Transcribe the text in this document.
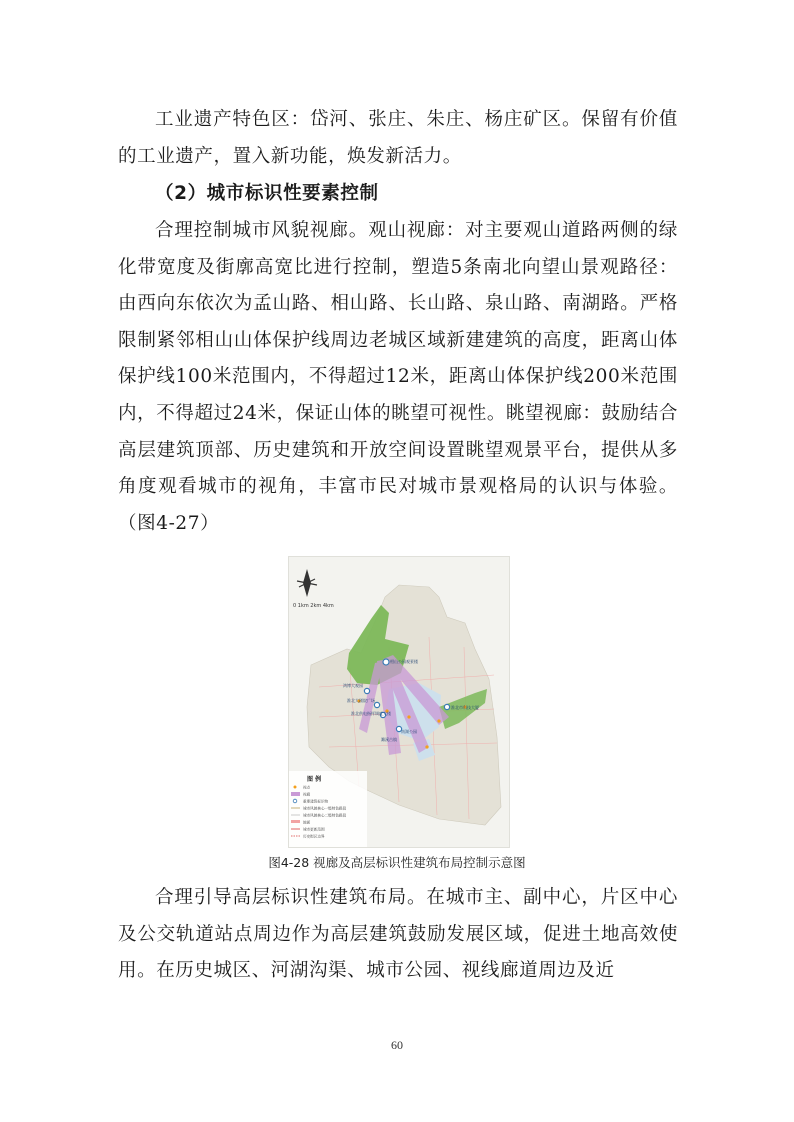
工业遗产特色区：岱河、张庄、朱庄、杨庄矿区。保留有价值的工业遗产，置入新功能，焕发新活力。

（2）城市标识性要素控制

合理控制城市风貌视廊。观山视廊：对主要观山道路两侧的绿化带宽度及街廓高宽比进行控制，塑造5条南北向望山景观路径：由西向东依次为孟山路、相山路、长山路、泉山路、南湖路。严格限制紧邻相山山体保护线周边老城区域新建建筑的高度，距离山体保护线100米范围内，不得超过12米，距离山体保护线200米范围内，不得超过24米，保证山体的眺望可视性。眺望视廊：鼓励结合高层建筑顶部、历史建筑和开放空间设置眺望观景平台，提供从多角度观看城市的视角，丰富市民对城市景观格局的认识与体验。（图4-27）

0 1km 2km 4km
相山公园观景楼
鸿博大观园
淮北大剧院广场
淮北供电指挥调度大楼
南湖公园
濉溪古镇
淮北市科技大厦
图 例
视点
视廊
重要建筑标识物
城市风貌核心一级特色路段
城市风貌核心二级特色路段
地面
城市更新范围
历史街区边界
图4-28 视廊及高层标识性建筑布局控制示意图

合理引导高层标识性建筑布局。在城市主、副中心，片区中心及公交轨道站点周边作为高层建筑鼓励发展区域，促进土地高效使用。在历史城区、河湖沟渠、城市公园、视线廊道周边及近

60
